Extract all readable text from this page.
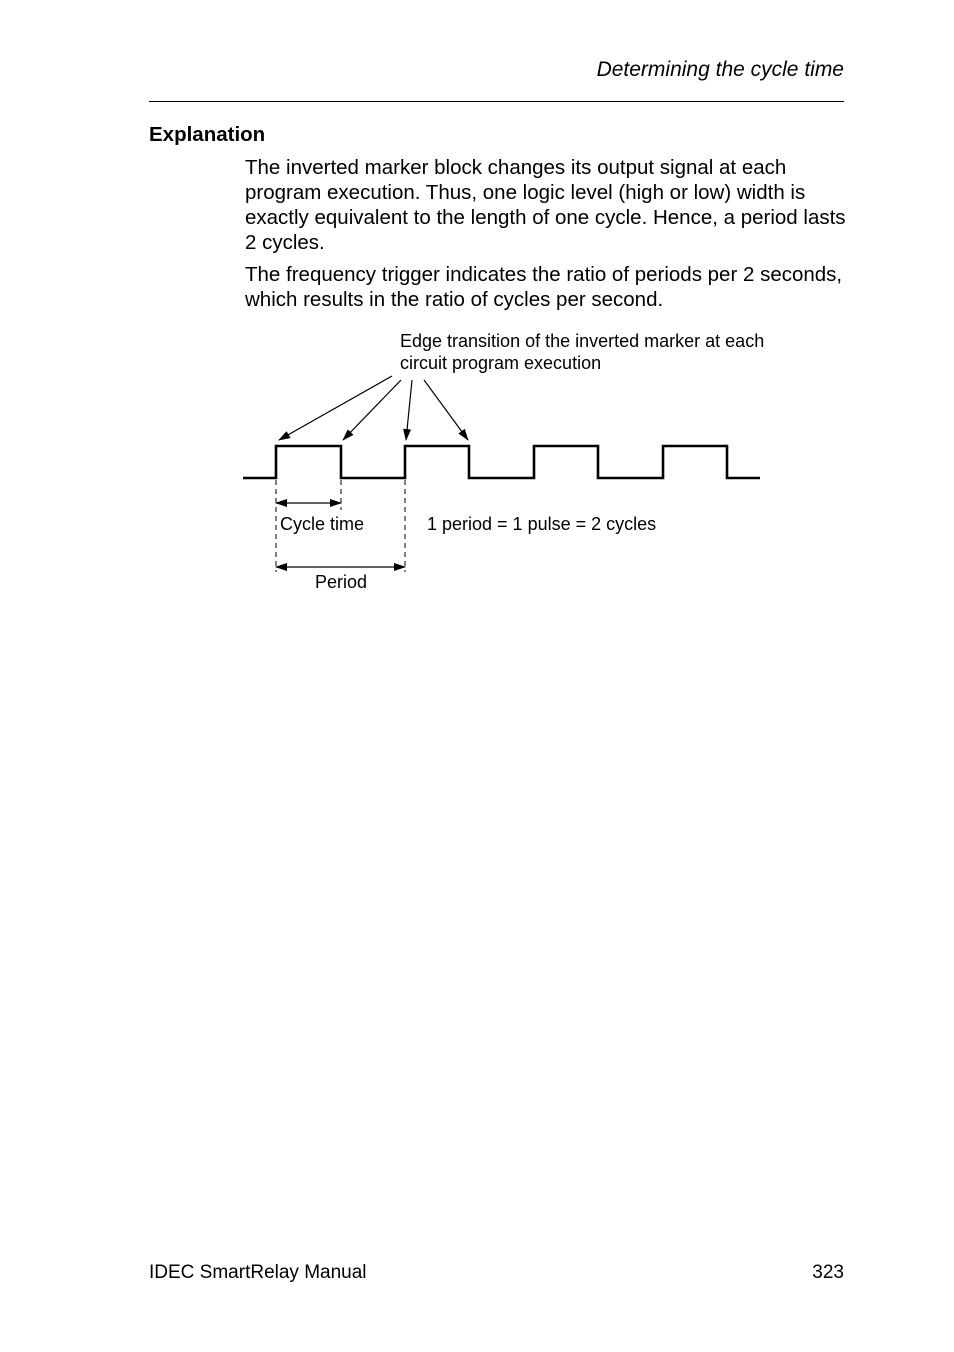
Determining the cycle time
Explanation
The inverted marker block changes its output signal at each program execution. Thus, one logic level (high or low) width is exactly equivalent to the length of one cycle. Hence, a period lasts 2 cycles.
The frequency trigger indicates the ratio of periods per 2 seconds, which results in the ratio of cycles per second.
Edge transition of the inverted marker at each
circuit program execution
Cycle time	1 period = 1 pulse = 2 cycles
Period
IDEC SmartRelay Manual	323
